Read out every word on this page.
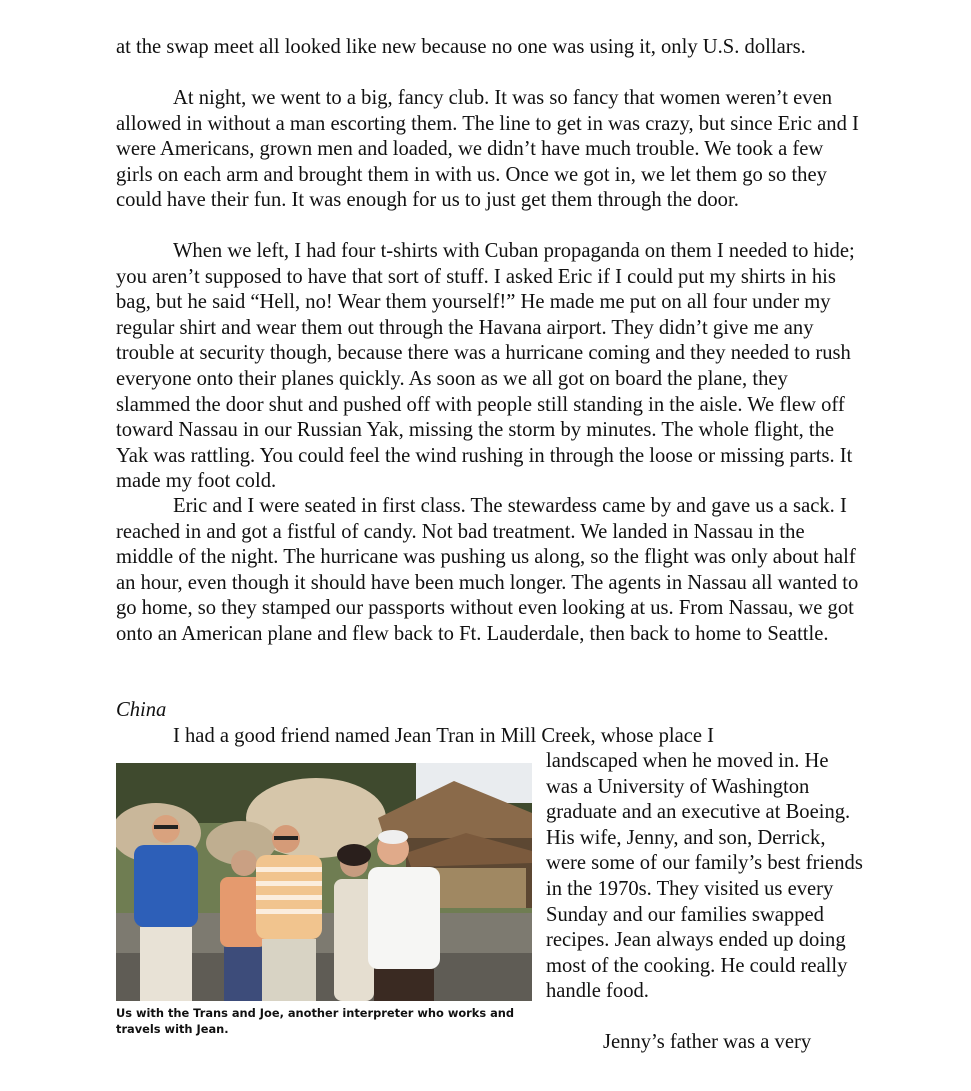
at the swap meet all looked like new because no one was using it, only U.S. dollars.

At night, we went to a big, fancy club. It was so fancy that women weren’t even allowed in without a man escorting them. The line to get in was crazy, but since Eric and I were Americans, grown men and loaded, we didn’t have much trouble. We took a few girls on each arm and brought them in with us. Once we got in, we let them go so they could have their fun. It was enough for us to just get them through the door.

When we left, I had four t-shirts with Cuban propaganda on them I needed to hide; you aren’t supposed to have that sort of stuff. I asked Eric if I could put my shirts in his bag, but he said “Hell, no! Wear them yourself!” He made me put on all four under my regular shirt and wear them out through the Havana airport. They didn’t give me any trouble at security though, because there was a hurricane coming and they needed to rush everyone onto their planes quickly. As soon as we all got on board the plane, they slammed the door shut and pushed off with people still standing in the aisle. We flew off toward Nassau in our Russian Yak, missing the storm by minutes. The whole flight, the Yak was rattling. You could feel the wind rushing in through the loose or missing parts. It made my foot cold.

Eric and I were seated in first class. The stewardess came by and gave us a sack. I reached in and got a fistful of candy. Not bad treatment. We landed in Nassau in the middle of the night. The hurricane was pushing us along, so the flight was only about half an hour, even though it should have been much longer. The agents in Nassau all wanted to go home, so they stamped our passports without even looking at us. From Nassau, we got onto an American plane and flew back to Ft. Lauderdale, then back to home to Seattle.

China

I had a good friend named Jean Tran in Mill Creek, whose place I

Us with the Trans and Joe, another interpreter who works and travels with Jean.

landscaped when he moved in. He was a University of Washington graduate and an executive at Boeing. His wife, Jenny, and son, Derrick, were some of our family’s best friends in the 1970s. They visited us every Sunday and our families swapped recipes. Jean always ended up doing most of the cooking. He could really handle food.

Jenny’s father was a very
